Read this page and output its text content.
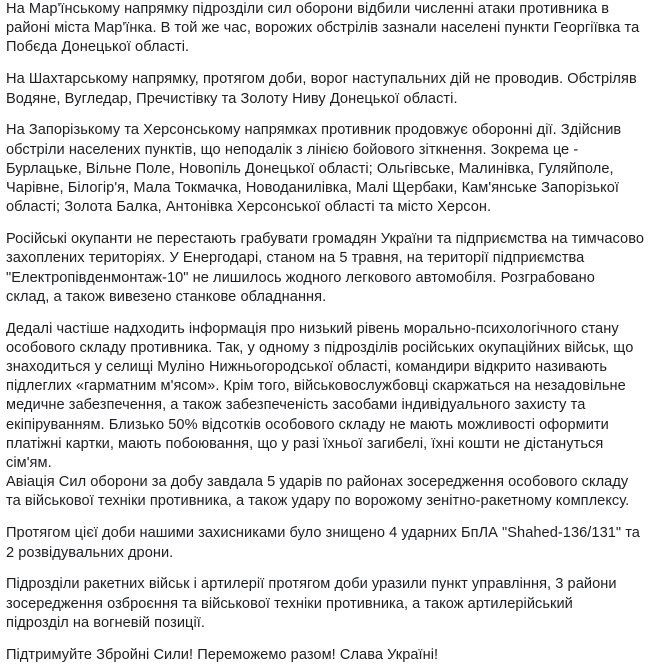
На Мар'їнському напрямку підрозділи сил оборони відбили численні атаки противника в
районі міста Мар'їнка. В той же час, ворожих обстрілів зазнали населені пункти Георгіївка та
Побєда Донецької області.

На Шахтарському напрямку, протягом доби, ворог наступальних дій не проводив. Обстріляв
Водяне, Вугледар, Пречистівку та Золоту Ниву Донецької області.

На Запорізькому та Херсонському напрямках противник продовжує оборонні дії. Здійснив
обстріли населених пунктів, що неподалік з лінією бойового зіткнення. Зокрема це -
Бурлацьке, Вільне Поле, Новопіль Донецької області; Ольгівське, Малинівка, Гуляйполе,
Чарівне, Білогір'я, Мала Токмачка, Новоданилівка, Малі Щербаки, Кам'янське Запорізької
області; Золота Балка, Антонівка Херсонської області та місто Херсон.

Російські окупанти не перестають грабувати громадян України та підприємства на тимчасово
захоплених територіях. У Енергодарі, станом на 5 травня, на території підприємства
"Електропівденмонтаж-10" не лишилось жодного легкового автомобіля. Розграбовано
склад, а також вивезено станкове обладнання.

Дедалі частіше надходить інформація про низький рівень морально-психологічного стану
особового складу противника. Так, у одному з підрозділів російських окупаційних військ, що
знаходиться у селищі Муліно Нижньогородської області, командири відкрито називають
підлеглих «гарматним м'ясом». Крім того, військовослужбовці скаржаться на незадовільне
медичне забезпечення, а також забезпеченість засобами індивідуального захисту та
екіпіруванням. Близько 50% відсотків особового складу не мають можливості оформити
платіжні картки, мають побоювання, що у разі їхньої загибелі, їхні кошти не дістануться
сім'ям.

Авіація Сил оборони за добу завдала 5 ударів по районах зосередження особового складу
та військової техніки противника, а також удару по ворожому зенітно-ракетному комплексу.

Протягом цієї доби нашими захисниками було знищено 4 ударних БпЛА "Shahed-136/131" та
2 розвідувальних дрони.

Підрозділи ракетних військ і артилерії протягом доби уразили пункт управління, 3 райони
зосередження озброєння та військової техніки противника, а також артилерійський
підрозділ на вогневій позиції.

Підтримуйте Збройні Сили! Переможемо разом! Слава Україні!
